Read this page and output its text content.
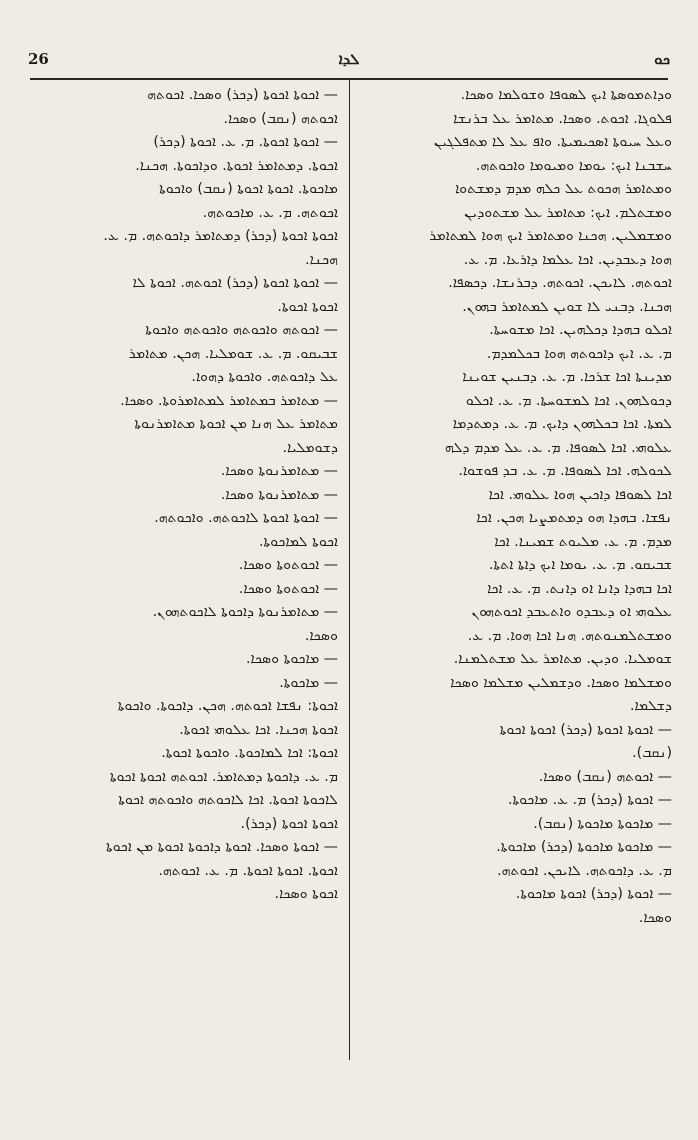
26	ܠܕܐ	ܟܘ
ܘܕܐܬܡܘܣܬܐ ܐܝܟ ܠܣܘܦܐ ܘܫܘܠܡܐ ܘܣܟܐ.
ܦܠܘܓܐ. ܐܟܘܬ. ܘܣܟܐ. ܡܬܐܡܪ ܥܠ ܒܪܢܫܐ
ܘܥܠ ܚܝܘܬܐ ܐܣܟܝܡܝܬܐ. ܘܐܦ ܥܠ ܠܐ ܡܬܦܠܓܝܢ
ܚܫܒܢܐ ܐܝܟ: ܝܘܡܐ ܘܡܝܘܡܐ ܘܐܟܘܬܗ.
ܘܡܬܐܡܪ ܗܟܘܬ ܥܠ ܟܠܗ ܡܕܡ ܕܡܫܬܘܐ
ܘܡܫܬܠܡ. ܐܝܟ: ܡܬܐܡܪ ܥܠ ܡܫܬܘܕܝܢ
ܘܡܫܡܠܝܢ. ܗܟܢܐ ܘܡܬܐܡܪ ܐܝܟ ܗܘܐ ܠܡܬܐܡܪ
ܗܘܐ ܕܥܒܕܝܢ. ܐܟܐ ܥܠܡܐ ܕܐܪܥܐ. ܡ. ܥ.
ܐܟܘܬܗ. ܠܐܝܟܢ. ܐܟܘܬܗ. ܕܒܪܢܫܐ. ܕܟܣܦܐ.
ܗܟܢܐ. ܕܒܢܝ ܠܐ ܫܘܝܢ ܠܡܬܐܡܪ ܒܗܘܢ.
ܐܟܠܘ ܒܗܕܐ ܕܟܠܗܝܢ. ܐܟܐ ܡܫܘܚܬܐ.
ܡ. ܥ. ܐܝܟ ܕܐܟܘܬܗ ܗܘܐ ܒܟܠܡܕܡ.
ܡܕܝܢܬܐ ܐܟܐ ܫܪܟܐ. ܡ. ܥ. ܕܒܢܝܢ ܫܘܝܢܐ
ܕܟܘܠܗܘܢ. ܐܟܐ ܠܡܫܘܚܬܐ. ܡ. ܥ. ܐܟܠܘ
ܠܡܬܐ. ܐܟܐ ܒܟܠܗܘܢ ܕܐܝܟ. ܡ. ܥ. ܕܡܬܕܡܐ
ܥܠܘܗܝ. ܐܟܐ ܠܣܘܦܐ. ܡ. ܥ. ܥܠ ܡܕܡ ܕܠܗ
ܠܟܘܠܗ. ܐܟܐ ܠܣܘܦܐ. ܡ. ܥ. ܒܕ ܦܘܫܘܐ.
ܐܟܐ ܠܣܘܦܐ ܕܐܟܝܢ ܗܘܐ ܥܠܘܗܝ. ܐܟܐ
ܢܦܫܐ. ܒܗܕܐ ܗܘ ܕܡܬܡܨܝܐ ܗܟܢ. ܐܟܐ
ܡܕܡ. ܡ. ܥ. ܡܠܝܘܬ ܫܡܝܢܐ. ܐܟܐ
ܫܒܝܩܘ. ܡ. ܥ. ܝܘܡܐ ܐܝܟ ܕܐܬܐ ܐܬܬܐ.
ܐܟܐ ܒܗܕܐ ܕܐܢܐ ܐܘ ܕܐܢܬ. ܡ. ܥ. ܐܟܐ
ܥܠܘܗܝ ܐܘ ܕܥܒܕܘ ܘܐܬܥܒܕ ܐܟܘܬܗܘܢ
ܘܡܫܬܠܡܢܘܬܗ. ܗܢܐ ܐܟܐ ܗܘܐ. ܡ. ܥ.
ܫܘܡܠܝܐ. ܘܕܝܢ. ܡܬܐܡܪ ܥܠ ܡܫܬܠܡܢܐ.
ܘܡܫܠܡܐ ܘܣܟܐ. ܘܕܫܡܠܝܢ ܡܫܠܡܐ ܘܣܟܐ
ܕܫܠܡܐ.
— ܐܟܘܬܐ ܐܟܘܬܐ (ܕܟܪ) ܐܟܘܬܐ ܐܟܘܬܐ
(ܢܩܒ).
— ܐܟܘܬܗ (ܢܩܒ) ܘܣܟܐ.
— ܐܟܘܬܐ (ܕܟܪ) ܡ. ܥ. ܡܐܟܘܬܐ.
— ܡܐܟܘܬܐ ܡܐܟܘܬܐ (ܢܩܒ).
— ܡܐܟܘܬܐ ܡܐܟܘܬܐ (ܕܟܪ) ܡܐܟܘܬܐ.
ܡ. ܥ. ܕܐܟܘܬܗ. ܠܐܝܟܢ. ܐܟܘܬܗ.
— ܐܟܘܬܐ (ܕܟܪ) ܐܟܘܬܐ ܡܐܟܘܬܐ.
ܘܣܟܐ.
— ܐܟܘܬܐ ܐܟܘܬܐ (ܕܟܪ) ܘܣܟܐ. ܐܟܘܬܗ
ܐܟܘܬܗ (ܢܩܒ) ܘܣܟܐ.
— ܐܟܘܬܐ ܐܟܘܬܐ. ܡ. ܥ. ܐܟܘܬܐ (ܕܟܪ)
ܐܟܘܬܐ. ܕܡܬܐܡܪ ܐܟܘܬܐ. ܘܕܐܟܘܬܐ. ܗܟܢܐ.
ܡܐܟܘܬܐ. ܐܟܘܬܐ ܐܟܘܬܐ (ܢܩܒ) ܘܐܟܘܬܐ
ܐܟܘܬܗ. ܡ. ܥ. ܡܐܟܘܬܗ.
ܐܟܘܬܐ ܐܟܘܬܐ (ܕܟܪ) ܕܡܬܐܡܪ ܕܐܟܘܬܗ. ܡ. ܥ.
ܗܟܢܐ.
— ܐܟܘܬܐ ܐܟܘܬܐ (ܕܟܪ) ܐܟܘܬܗ. ܐܟܘܬܐ ܠܐ
ܐܟܘܬܐ ܐܟܘܬܐ.
— ܐܟܘܬܗ ܘܐܟܘܬܗ ܘܐܟܘܬܗ ܘܐܟܘܬܐ
ܫܒܝܩܘ. ܡ. ܥ. ܫܘܡܠܝܐ. ܗܟܢ. ܡܬܐܡܪ
ܥܠ ܕܐܟܘܬܗ. ܘܐܟܘܬܐ ܕܗܘܐ.
— ܡܬܐܡܪ ܒܡܬܐܡܪ ܠܡܬܐܡܪܘܬܐ. ܘܣܟܐ.
ܡܬܐܡܪ ܥܠ ܗܢܐ ܡܢ ܐܟܘܬܐ ܡܬܐܡܪܢܘܬܐ
ܕܫܘܡܠܝܐ.
— ܡܬܐܡܪܢܘܬܐ ܘܣܟܐ.
— ܡܬܐܡܪܢܘܬܐ ܘܣܟܐ.
— ܐܟܘܬܐ ܐܟܘܬܐ ܠܐܟܘܬܗ. ܘܐܟܘܬܗ.
ܐܟܘܬܐ ܠܡܐܟܘܬܐ.
— ܐܟܘܬܘܬܐ ܘܣܟܐ.
— ܐܟܘܬܘܬܐ ܘܣܟܐ.
— ܡܬܐܡܪܢܘܬܐ ܕܐܟܘܬܐ ܠܐܟܘܬܗܘܢ.
ܘܣܟܐ.
— ܡܐܟܘܬܐ ܘܣܟܐ.
— ܡܐܟܘܬܐ.
ܐܟܘܬܐ: ܢܦܫܐ ܐܟܘܬܗ. ܗܟܢ. ܕܐܟܘܬܐ. ܘܐܟܘܬܐ
ܐܟܘܬܐ ܗܟܢܐ. ܐܟܐ ܥܠܘܗܝ ܐܟܘܬܐ.
ܐܟܘܬܐ: ܐܟܐ ܠܡܐܟܘܬܐ. ܘܐܟܘܬܐ ܐܟܘܬܐ.
ܡ. ܥ. ܕܐܟܘܬܐ ܕܡܬܐܡܪ. ܐܟܘܬܗ ܐܟܘܬܐ ܐܟܘܬܐ
ܠܐܟܘܬܐ ܐܟܘܬܐ. ܐܟܐ ܠܐܟܘܬܗ ܘܐܟܘܬܗ ܐܟܘܬܐ
ܐܟܘܬܐ ܐܟܘܬܐ (ܕܟܪ).
— ܐܟܘܬܐ ܘܣܟܐ. ܐܟܘܬܐ ܕܐܟܘܬܐ ܐܟܘܬܐ ܡܢ ܐܟܘܬܐ
ܐܟܘܬܐ. ܐܟܘܬܐ ܐܟܘܬܐ. ܡ. ܥ. ܐܟܘܬܗ.
ܐܟܘܬܐ ܘܣܟܐ.
